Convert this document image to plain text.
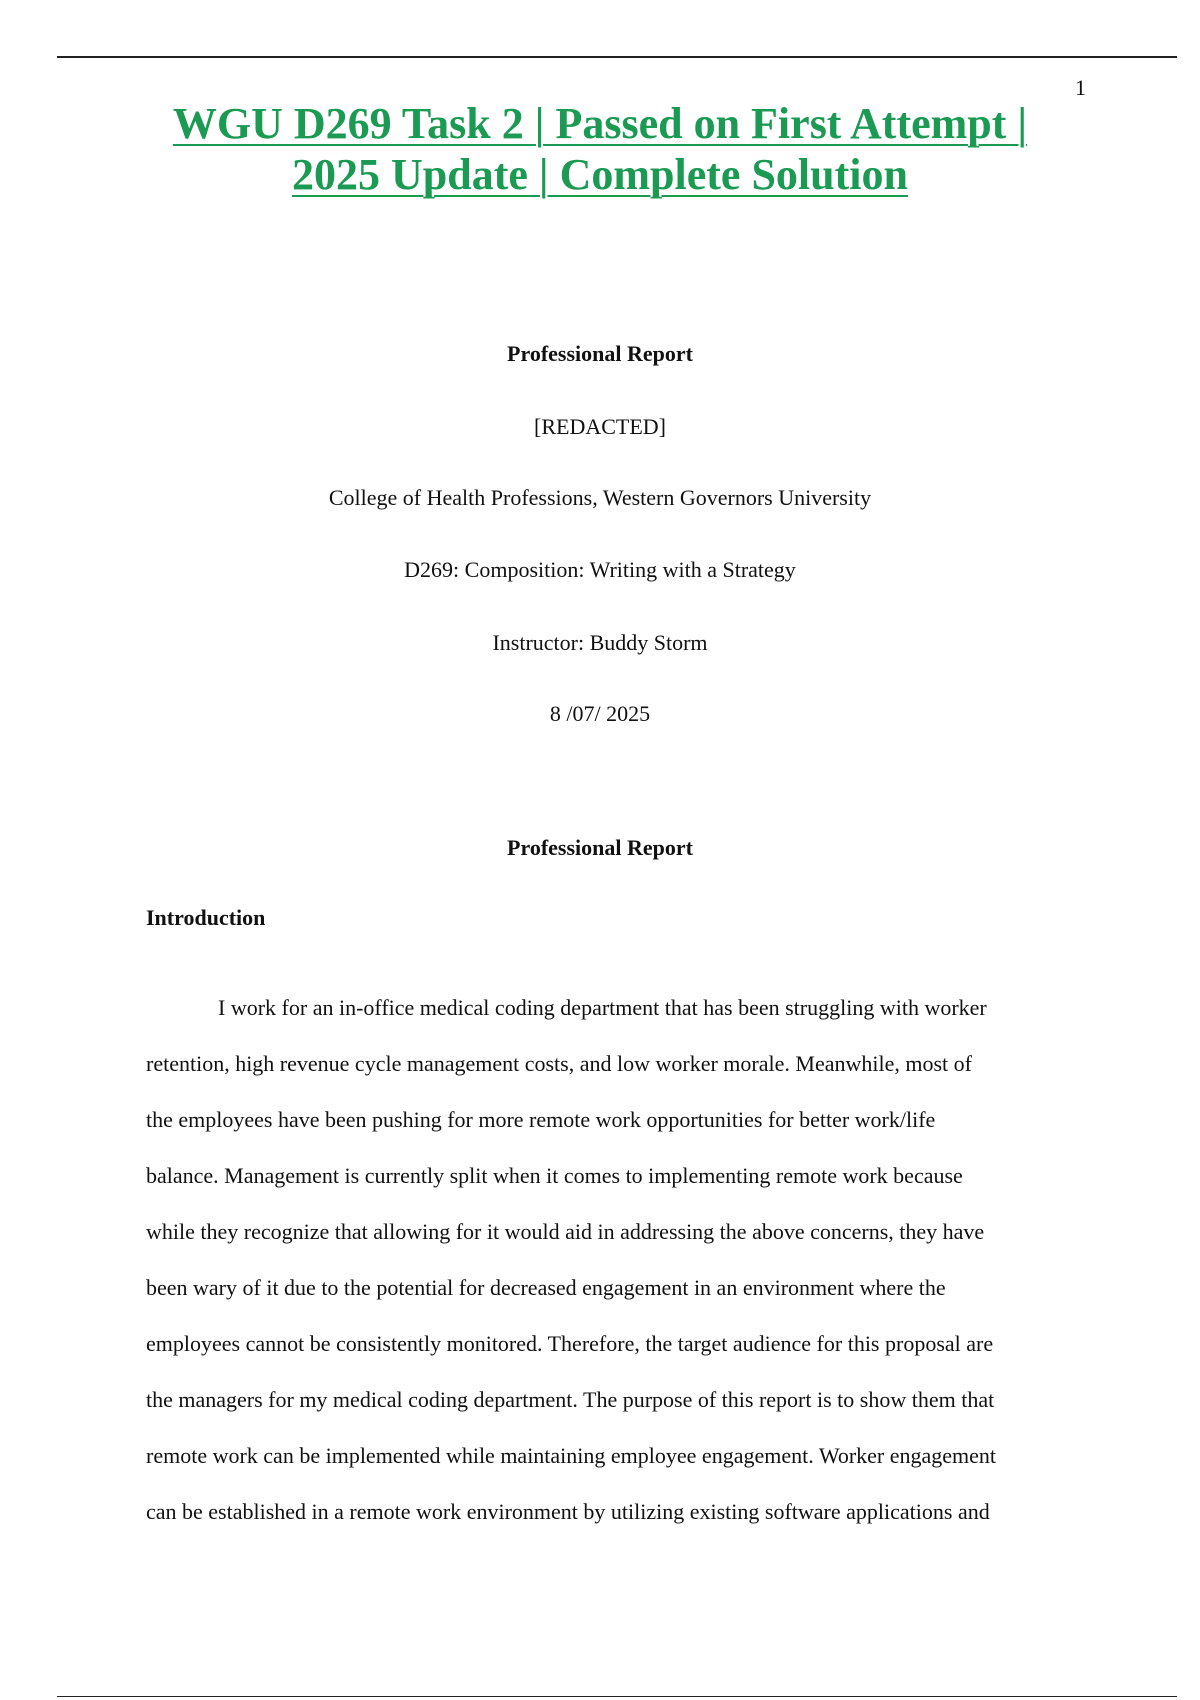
1
WGU D269 Task 2 | Passed on First Attempt |
2025 Update | Complete Solution
Professional Report
[REDACTED]
College of Health Professions, Western Governors University
D269: Composition: Writing with a Strategy
Instructor: Buddy Storm
8 /07/ 2025
Professional Report
Introduction
I work for an in-office medical coding department that has been struggling with worker
retention, high revenue cycle management costs, and low worker morale. Meanwhile, most of
the employees have been pushing for more remote work opportunities for better work/life
balance. Management is currently split when it comes to implementing remote work because
while they recognize that allowing for it would aid in addressing the above concerns, they have
been wary of it due to the potential for decreased engagement in an environment where the
employees cannot be consistently monitored. Therefore, the target audience for this proposal are
the managers for my medical coding department. The purpose of this report is to show them that
remote work can be implemented while maintaining employee engagement. Worker engagement
can be established in a remote work environment by utilizing existing software applications and
